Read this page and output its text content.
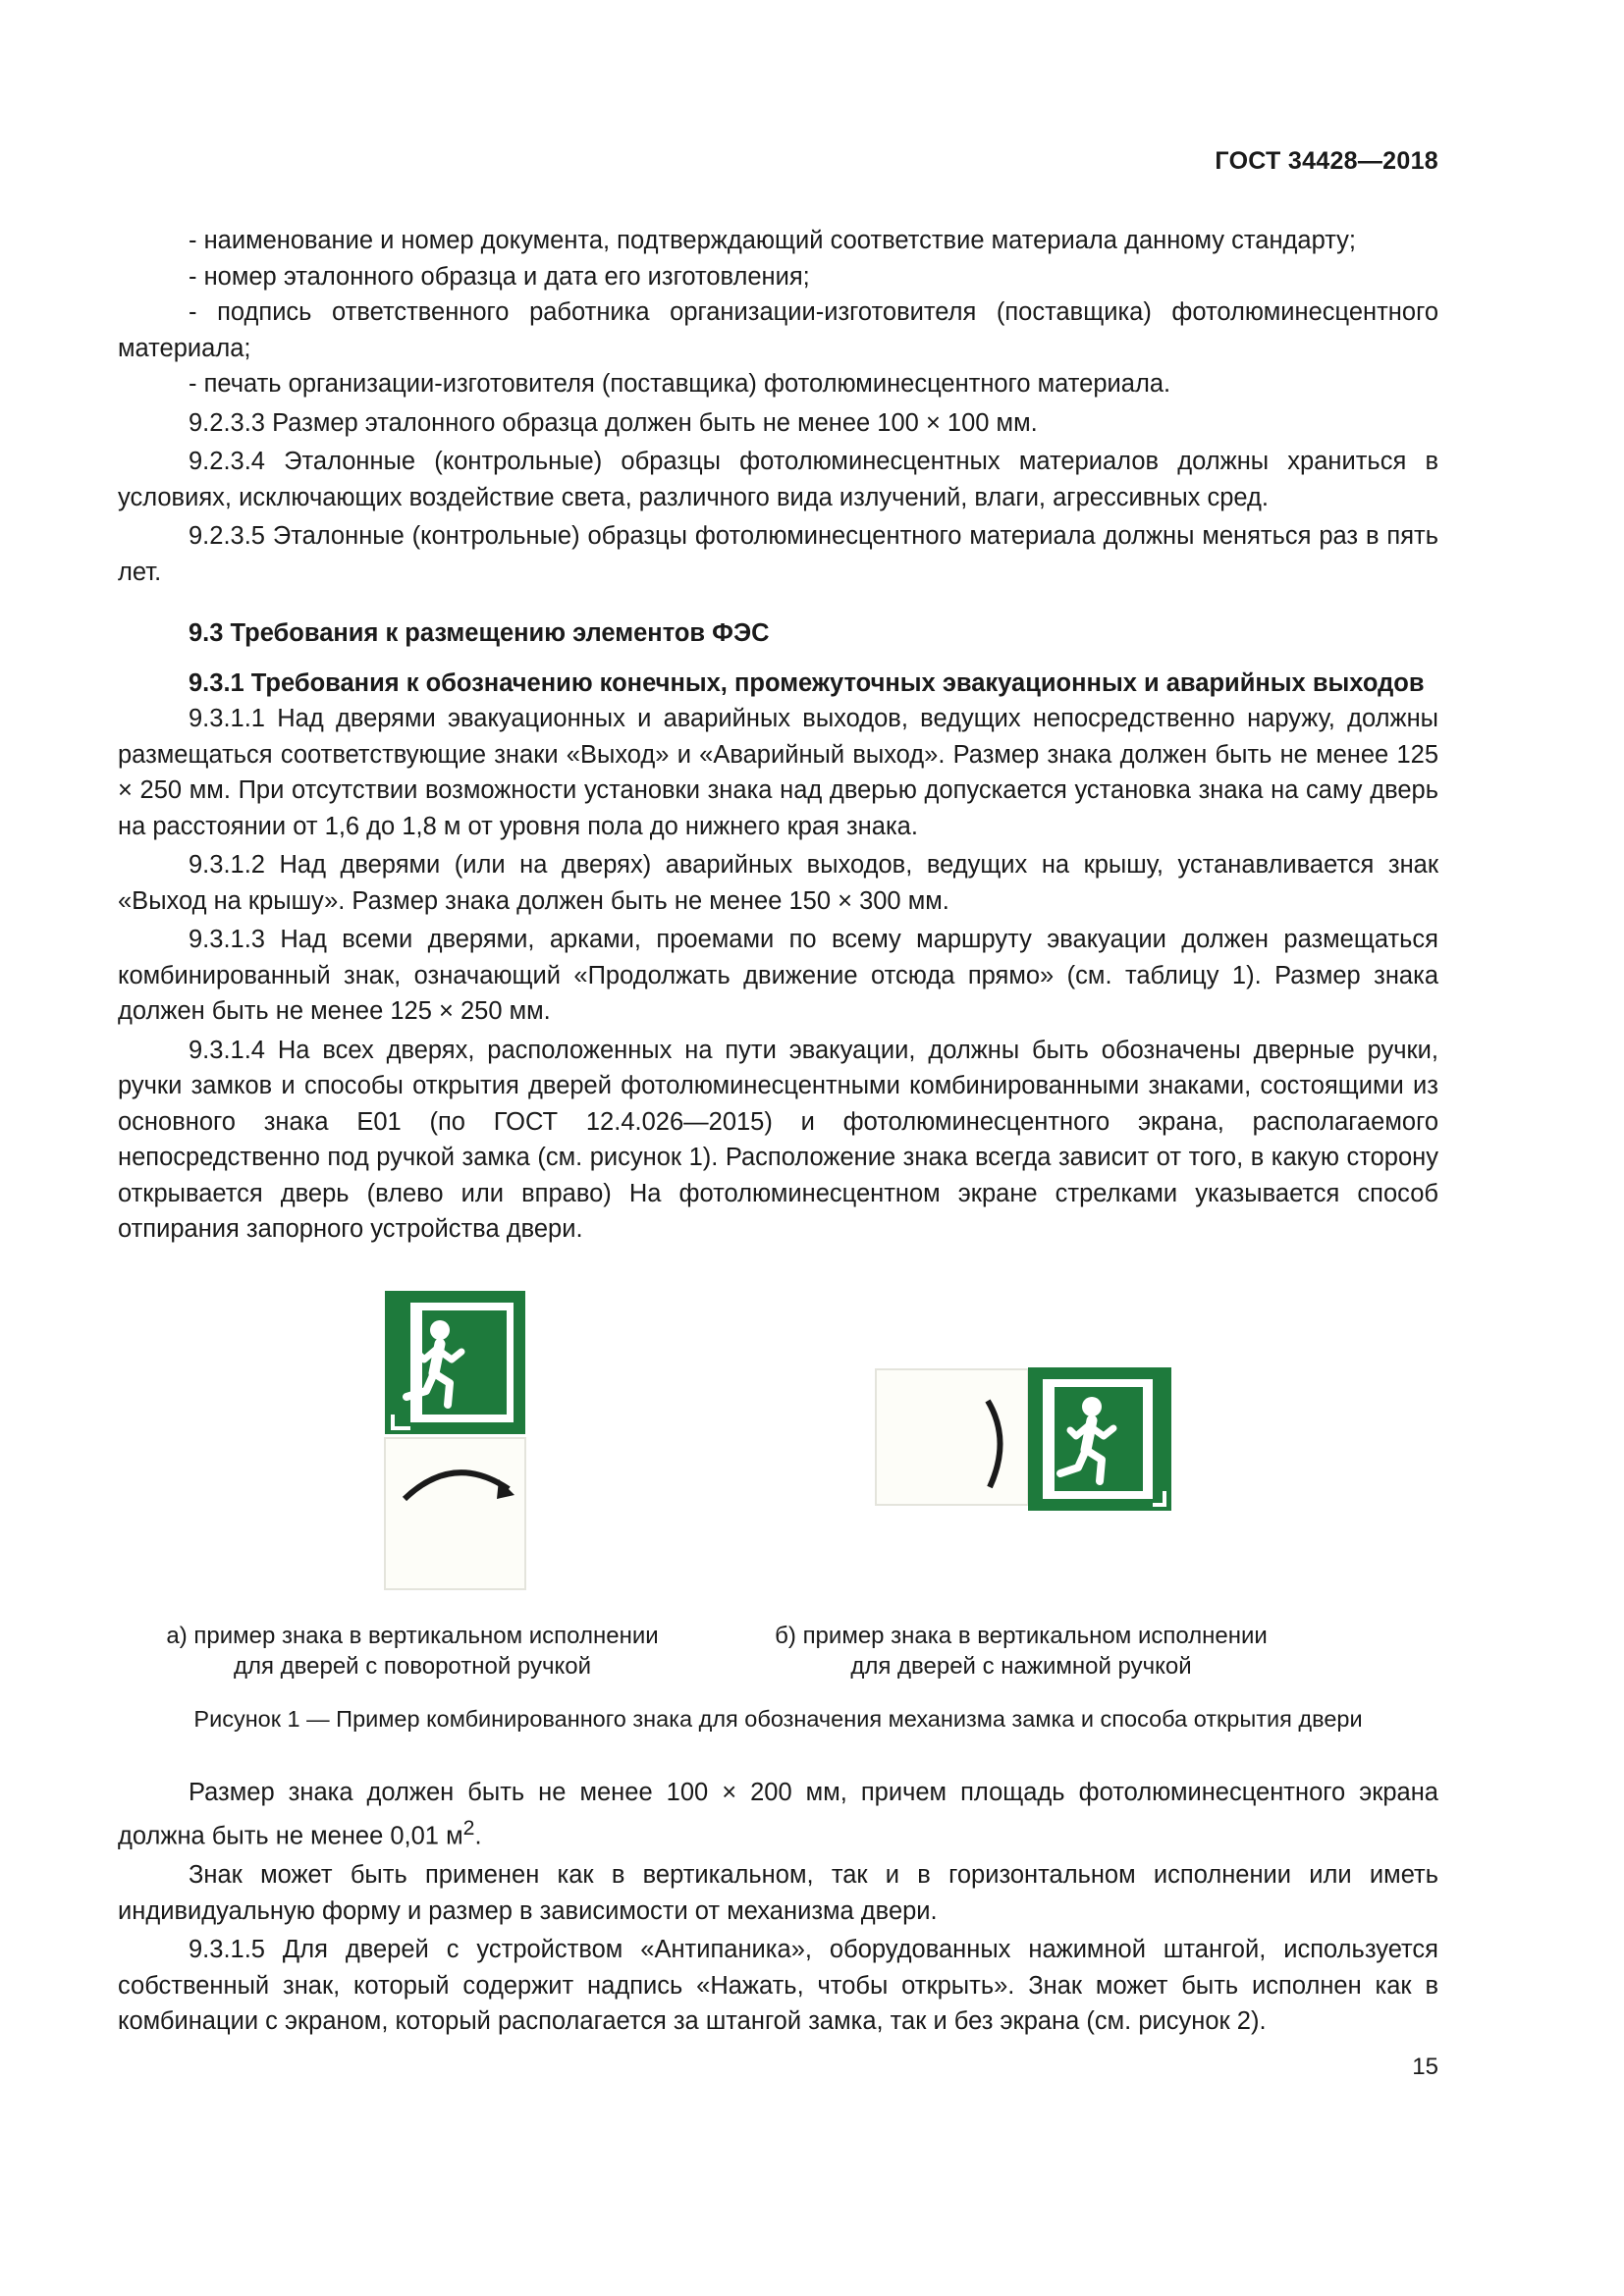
ГОСТ 34428—2018

- наименование и номер документа, подтверждающий соответствие материала данному стандарту;

- номер эталонного образца и дата его изготовления;

- подпись ответственного работника организации-изготовителя (поставщика) фотолюминесцентного материала;

- печать организации-изготовителя (поставщика) фотолюминесцентного материала.

9.2.3.3 Размер эталонного образца должен быть не менее 100 × 100 мм.

9.2.3.4 Эталонные (контрольные) образцы фотолюминесцентных материалов должны храниться в условиях, исключающих воздействие света, различного вида излучений, влаги, агрессивных сред.

9.2.3.5 Эталонные (контрольные) образцы фотолюминесцентного материала должны меняться раз в пять лет.

9.3 Требования к размещению элементов ФЭС
9.3.1 Требования к обозначению конечных, промежуточных эвакуационных и аварийных выходов

9.3.1.1 Над дверями эвакуационных и аварийных выходов, ведущих непосредственно наружу, должны размещаться соответствующие знаки «Выход» и «Аварийный выход». Размер знака должен быть не менее 125 × 250 мм. При отсутствии возможности установки знака над дверью допускается установка знака на саму дверь на расстоянии от 1,6 до 1,8 м от уровня пола до нижнего края знака.

9.3.1.2 Над дверями (или на дверях) аварийных выходов, ведущих на крышу, устанавливается знак «Выход на крышу». Размер знака должен быть не менее 150 × 300 мм.

9.3.1.3 Над всеми дверями, арками, проемами по всему маршруту эвакуации должен размещаться комбинированный знак, означающий «Продолжать движение отсюда прямо» (см. таблицу 1). Размер знака должен быть не менее 125 × 250 мм.

9.3.1.4 На всех дверях, расположенных на пути эвакуации, должны быть обозначены дверные ручки, ручки замков и способы открытия дверей фотолюминесцентными комбинированными знаками, состоящими из основного знака Е01 (по ГОСТ 12.4.026—2015) и фотолюминесцентного экрана, располагаемого непосредственно под ручкой замка (см. рисунок 1). Расположение знака всегда зависит от того, в какую сторону открывается дверь (влево или вправо) На фотолюминесцентном экране стрелками указывается способ отпирания запорного устройства двери.

а) пример знака в вертикальном исполнении
для дверей с поворотной ручкой
б) пример знака в вертикальном исполнении
для дверей с нажимной ручкой
Рисунок 1 — Пример комбинированного знака для обозначения механизма замка и способа открытия двери

Размер знака должен быть не менее 100 × 200 мм, причем площадь фотолюминесцентного экрана должна быть не менее 0,01 $м^2$.

Знак может быть применен как в вертикальном, так и в горизонтальном исполнении или иметь индивидуальную форму и размер в зависимости от механизма двери.

9.3.1.5 Для дверей с устройством «Антипаника», оборудованных нажимной штангой, используется собственный знак, который содержит надпись «Нажать, чтобы открыть». Знак может быть исполнен как в комбинации с экраном, который располагается за штангой замка, так и без экрана (см. рисунок 2).

15
